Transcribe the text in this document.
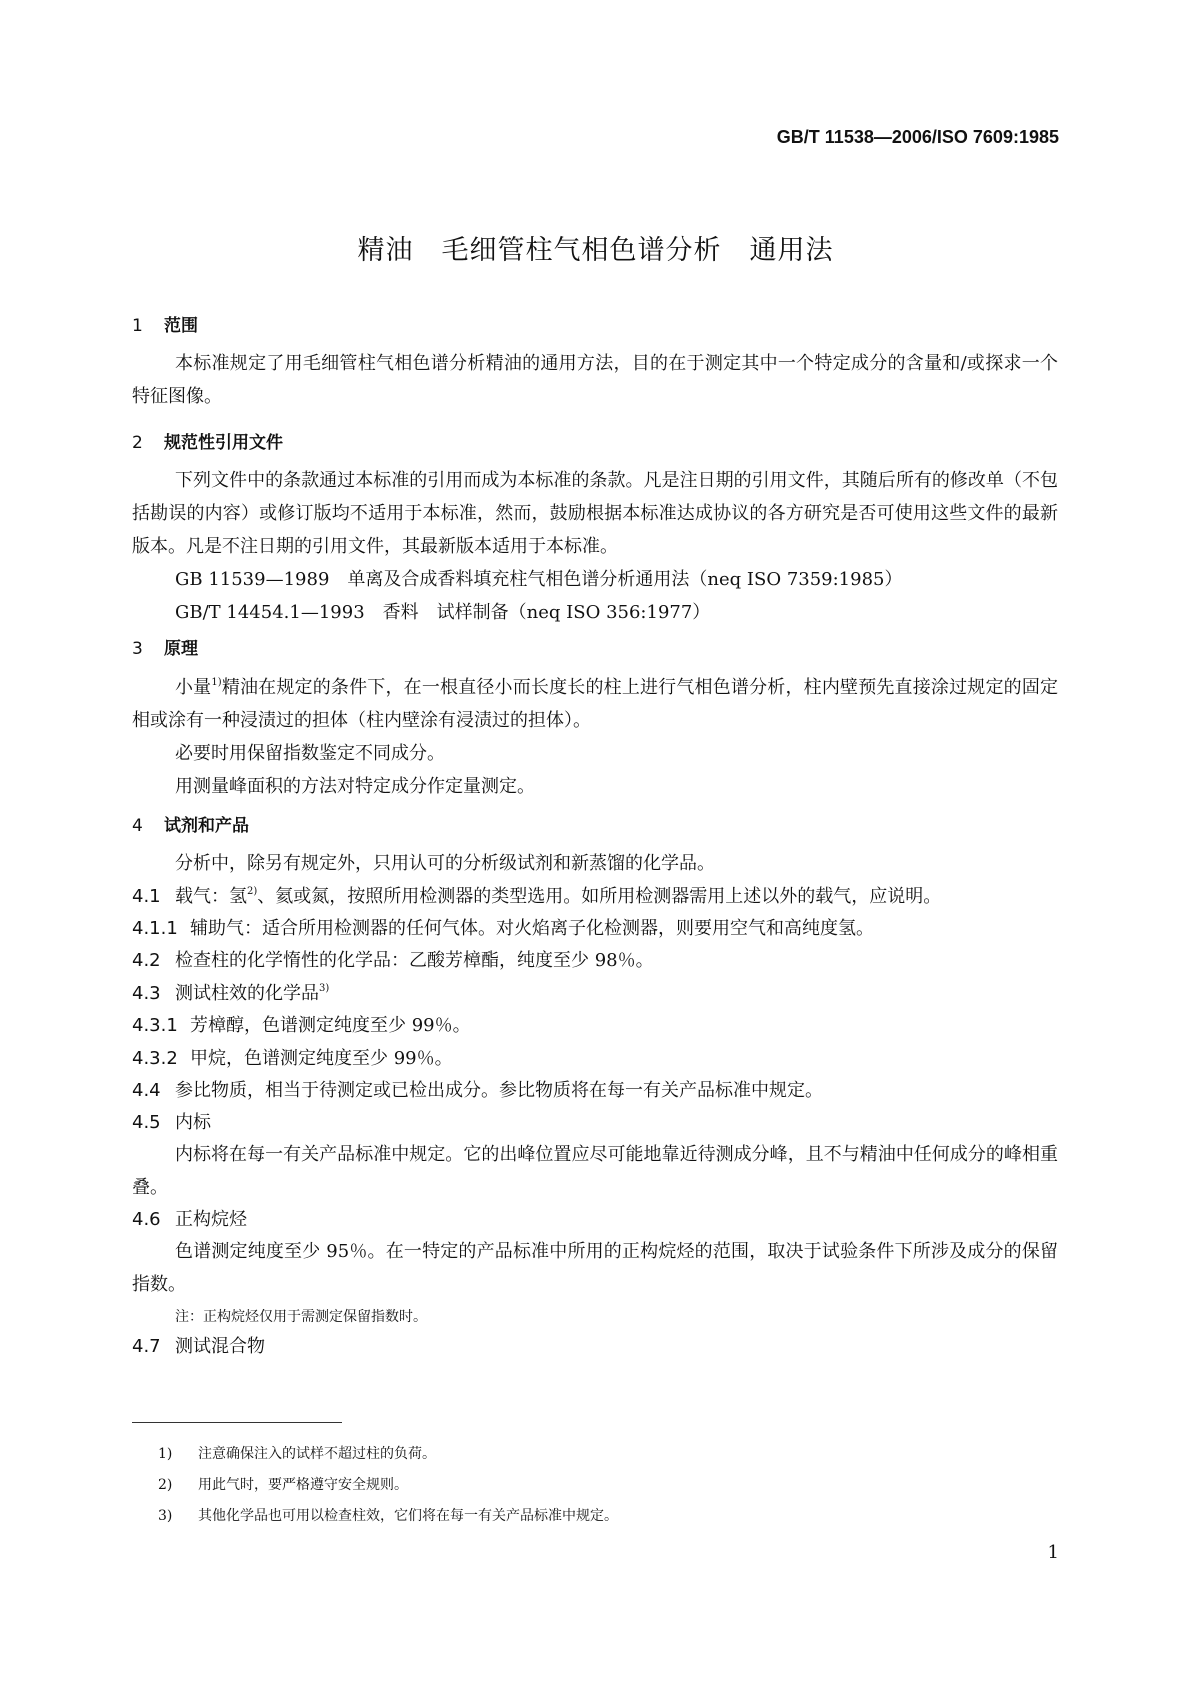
GB/T 11538—2006/ISO 7609:1985
精油　毛细管柱气相色谱分析　通用法
1 范围
本标准规定了用毛细管柱气相色谱分析精油的通用方法，目的在于测定其中一个特定成分的含量和/或探求一个特征图像。
2 规范性引用文件
下列文件中的条款通过本标准的引用而成为本标准的条款。凡是注日期的引用文件，其随后所有的修改单（不包括勘误的内容）或修订版均不适用于本标准，然而，鼓励根据本标准达成协议的各方研究是否可使用这些文件的最新版本。凡是不注日期的引用文件，其最新版本适用于本标准。
GB 11539—1989　 单离及合成香料填充柱气相色谱分析通用法（neq ISO 7359:1985）
GB/T 14454.1—1993　 香料　试样制备（neq ISO 356:1977）
3 原理
小量$^{1)}$精油在规定的条件下，在一根直径小而长度长的柱上进行气相色谱分析，柱内壁预先直接涂过规定的固定相或涂有一种浸渍过的担体（柱内壁涂有浸渍过的担体）。
必要时用保留指数鉴定不同成分。
用测量峰面积的方法对特定成分作定量测定。
4 试剂和产品
分析中，除另有规定外，只用认可的分析级试剂和新蒸馏的化学品。
4.1 载气：氢$^{2)}$、氦或氮，按照所用检测器的类型选用。如所用检测器需用上述以外的载气，应说明。
4.1.1 辅助气：适合所用检测器的任何气体。对火焰离子化检测器，则要用空气和高纯度氢。
4.2 检查柱的化学惰性的化学品：乙酸芳樟酯，纯度至少 98％。
4.3 测试柱效的化学品$^{3)}$
4.3.1 芳樟醇，色谱测定纯度至少 99％。
4.3.2 甲烷，色谱测定纯度至少 99％。
4.4 参比物质，相当于待测定或已检出成分。参比物质将在每一有关产品标准中规定。
4.5 内标
内标将在每一有关产品标准中规定。它的出峰位置应尽可能地靠近待测成分峰，且不与精油中任何成分的峰相重叠。
4.6 正构烷烃
色谱测定纯度至少 95％。在一特定的产品标准中所用的正构烷烃的范围，取决于试验条件下所涉及成分的保留指数。
注：正构烷烃仅用于需测定保留指数时。
4.7 测试混合物
1) 注意确保注入的试样不超过柱的负荷。
2) 用此气时，要严格遵守安全规则。
3) 其他化学品也可用以检查柱效，它们将在每一有关产品标准中规定。
1
